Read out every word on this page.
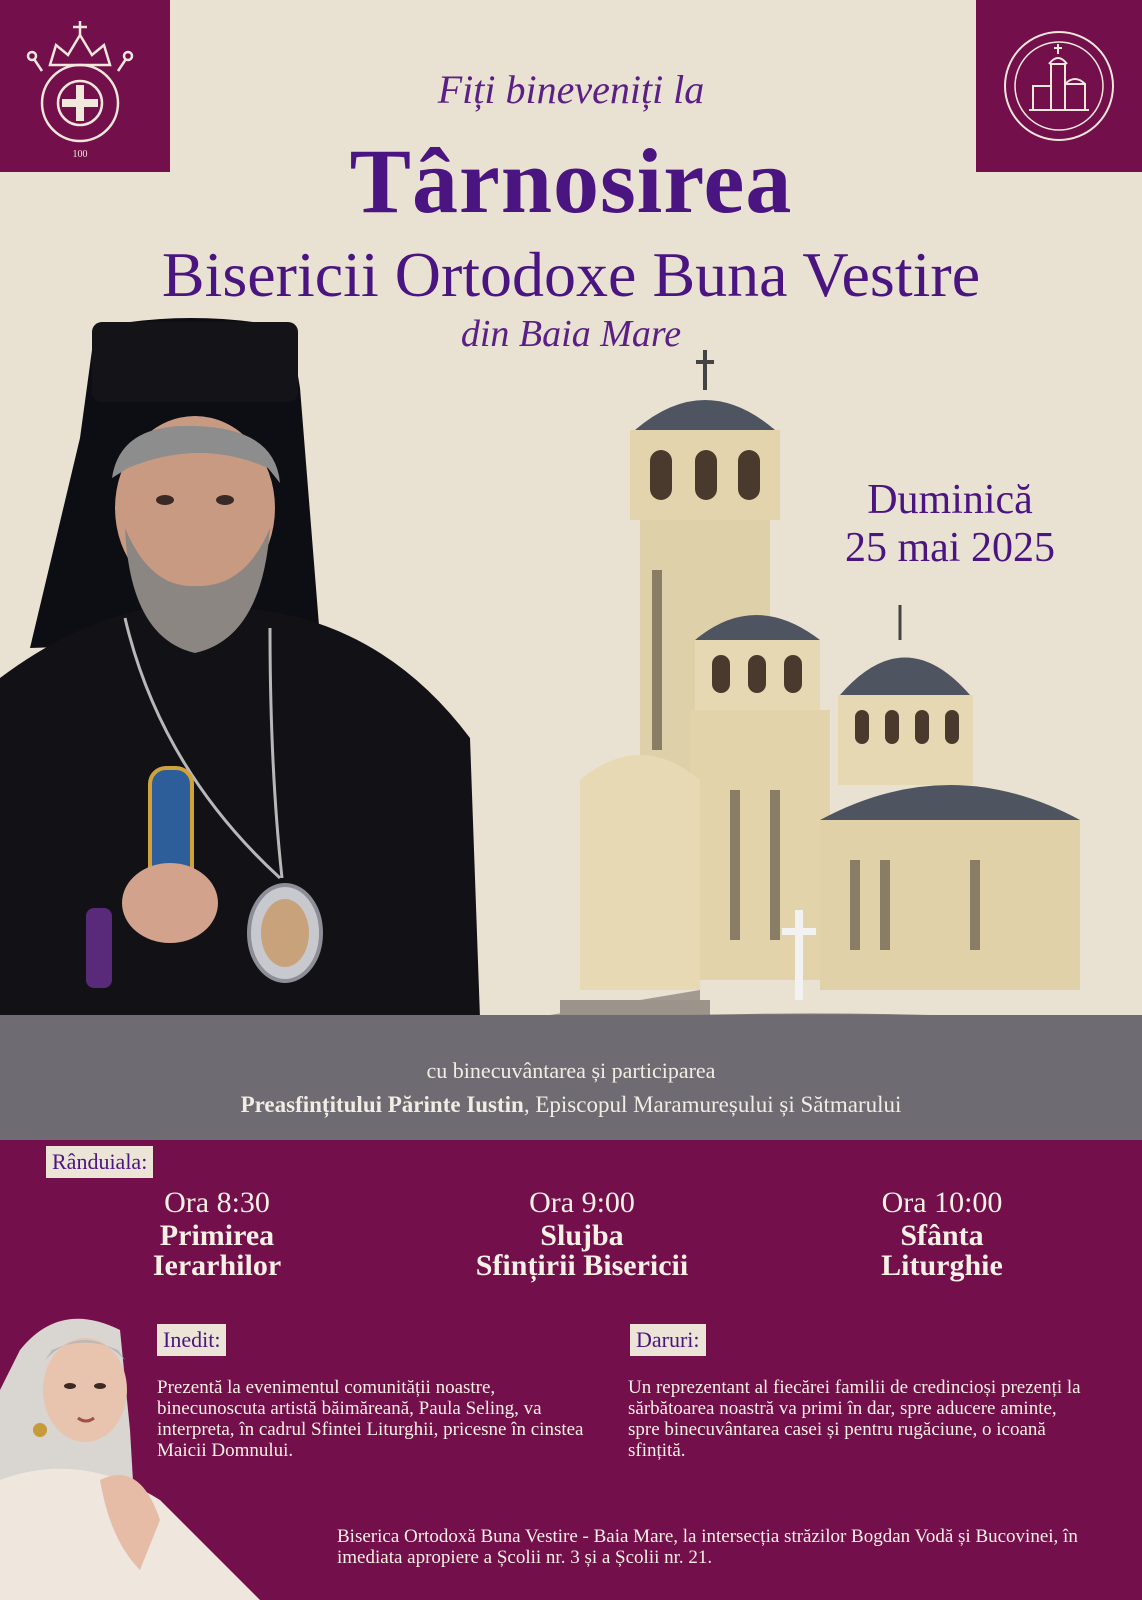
100
Fiți bineveniți la
Târnosirea
Bisericii Ortodoxe Buna Vestire
din Baia Mare
Duminică
25 mai 2025
cu binecuvântarea și participarea
Preasfințitului Părinte Iustin, Episcopul Maramureșului și Sătmarului
Rânduiala:
Ora 8:30
Primirea
Ierarhilor
Ora 9:00
Slujba
Sfințirii Bisericii
Ora 10:00
Sfânta
Liturghie
Inedit:
Prezentă la evenimentul comunității noastre, binecunoscuta artistă băimăreană, Paula Seling, va interpreta, în cadrul Sfintei Liturghii, pricesne în cinstea Maicii Domnului.
Daruri:
Un reprezentant al fiecărei familii de credincioși prezenți la sărbătoarea noastră va primi în dar, spre aducere aminte, spre binecuvântarea casei și pentru rugăciune, o icoană sfințită.
Biserica Ortodoxă Buna Vestire - Baia Mare, la intersecția străzilor Bogdan Vodă și Bucovinei, în imediata apropiere a Școlii nr. 3 și a Școlii nr. 21.
